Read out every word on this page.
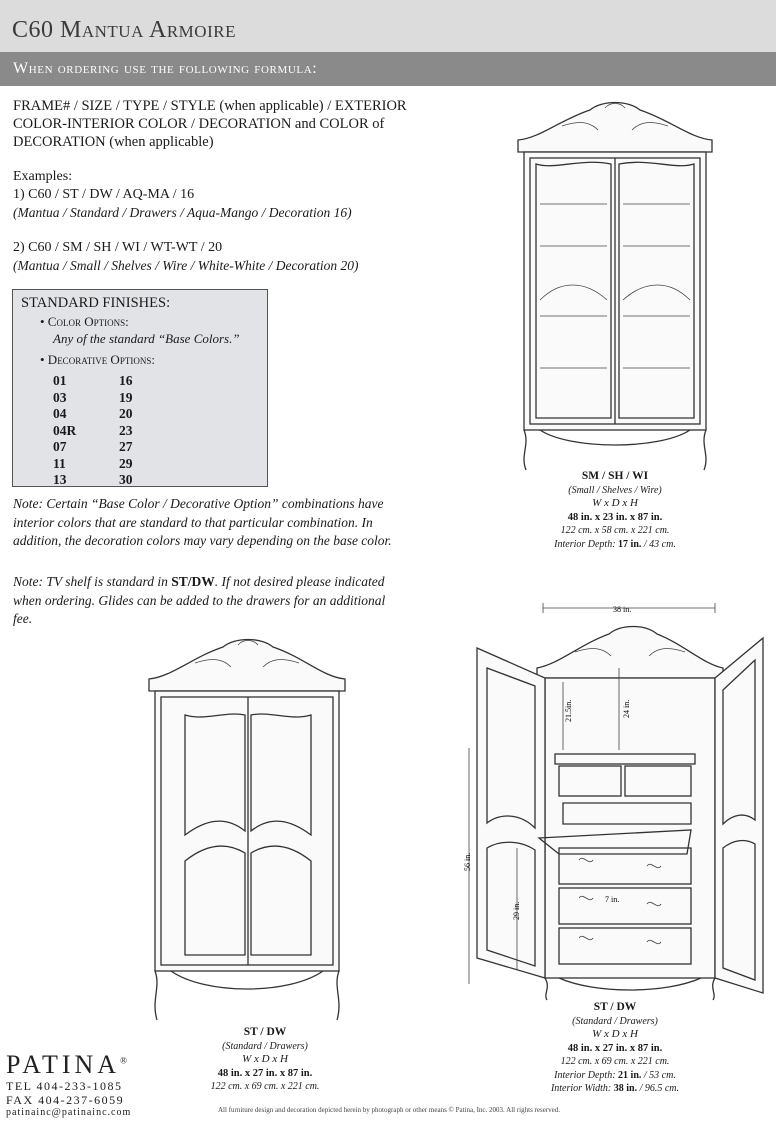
C60 Mantua Armoire
When ordering use the following formula:
FRAME# / SIZE / TYPE / STYLE (when applicable) / EXTERIOR COLOR-INTERIOR COLOR / DECORATION and COLOR of DECORATION (when applicable)
Examples:
1) C60 / ST / DW / AQ-MA / 16
(Mantua / Standard / Drawers / Aqua-Mango / Decoration 16)
2) C60 / SM / SH / WI / WT-WT / 20
(Mantua / Small / Shelves / Wire / White-White / Decoration 20)
STANDARD FINISHES:
• Color Options:
Any of the standard “Base Colors.”
• Decorative Options:
01
03
04
04R
07
11
13
16
19
20
23
27
29
30
Note: Certain “Base Color / Decorative Option” combinations have interior colors that are standard to that particular combination. In addition, the decoration colors may vary depending on the base color.
Note: TV shelf is standard in ST/DW. If not desired please indicated when ordering. Glides can be added to the drawers for an additional fee.
SM / SH / WI
(Small / Shelves / Wire)
W x D x H
48 in. x 23 in. x 87 in.
122 cm. x 58 cm. x 221 cm.
Interior Depth: 17 in. / 43 cm.
ST / DW
(Standard / Drawers)
W x D x H
48 in. x 27 in. x 87 in.
122 cm. x 69 cm. x 221 cm.
38 in.
21.5in.	24 in.
56 in.
29 in.
7 in.
ST / DW
(Standard / Drawers)
W x D x H
48 in. x 27 in. x 87 in.
122 cm. x 69 cm. x 221 cm.
Interior Depth: 21 in. / 53 cm.
Interior Width: 38 in. / 96.5 cm.
PATINA®
TEL 404-233-1085
FAX 404-237-6059
patinainc@patinainc.com	All furniture design and decoration depicted herein by photograph or other means © Patina, Inc. 2003. All rights reserved.
